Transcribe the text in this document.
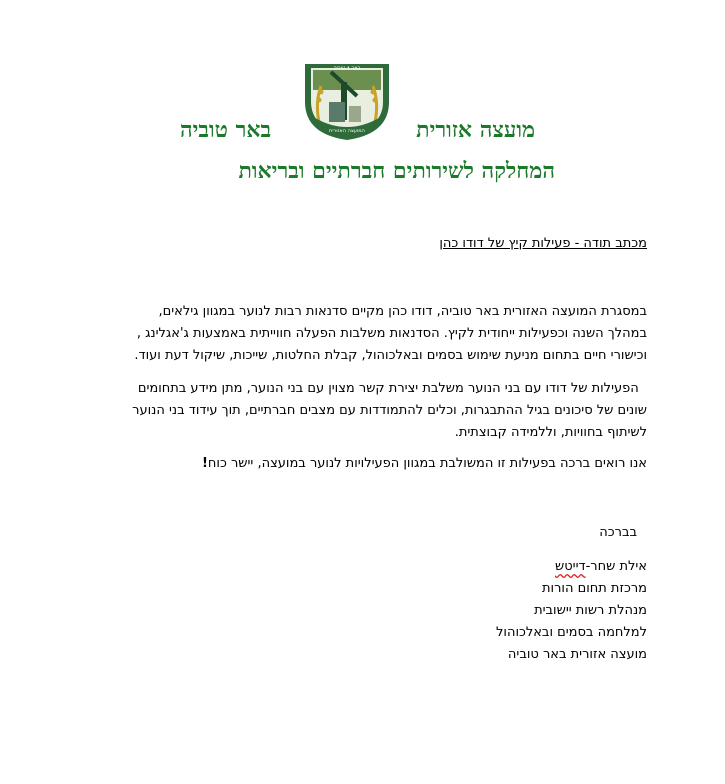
באר • טוביה
המועצה האזורית
באר טוביה	מועצה אזורית
המחלקה לשירותים חברתיים ובריאות
מכתב תודה - פעילות קיץ של דודו כהן
במסגרת המועצה האזורית באר טוביה, דודו כהן מקיים סדנאות רבות לנוער במגוון גילאים,
במהלך השנה וכפעילות ייחודית לקיץ. הסדנאות משלבות הפעלה חווייתית באמצעות ג'אגלינג ,
וכישורי חיים בתחום מניעת שימוש בסמים ובאלכוהול, קבלת החלטות, שייכות, שיקול דעת ועוד.
הפעילות של דודו עם בני הנוער משלבת יצירת קשר מצוין עם בני הנוער, מתן מידע בתחומים
שונים של סיכונים בגיל ההתבגרות, וכלים להתמודדות עם מצבים חברתיים, תוך עידוד בני הנוער
לשיתוף בחוויות, וללמידה קבוצתית.
אנו רואים ברכה בפעילות זו המשולבת במגוון הפעילויות לנוער במועצה, יישר כוח!
בברכה
אילת שחר-דייטש
מרכזת תחום הורות
מנהלת רשות יישובית
למלחמה בסמים ובאלכוהול
מועצה אזורית באר טוביה
